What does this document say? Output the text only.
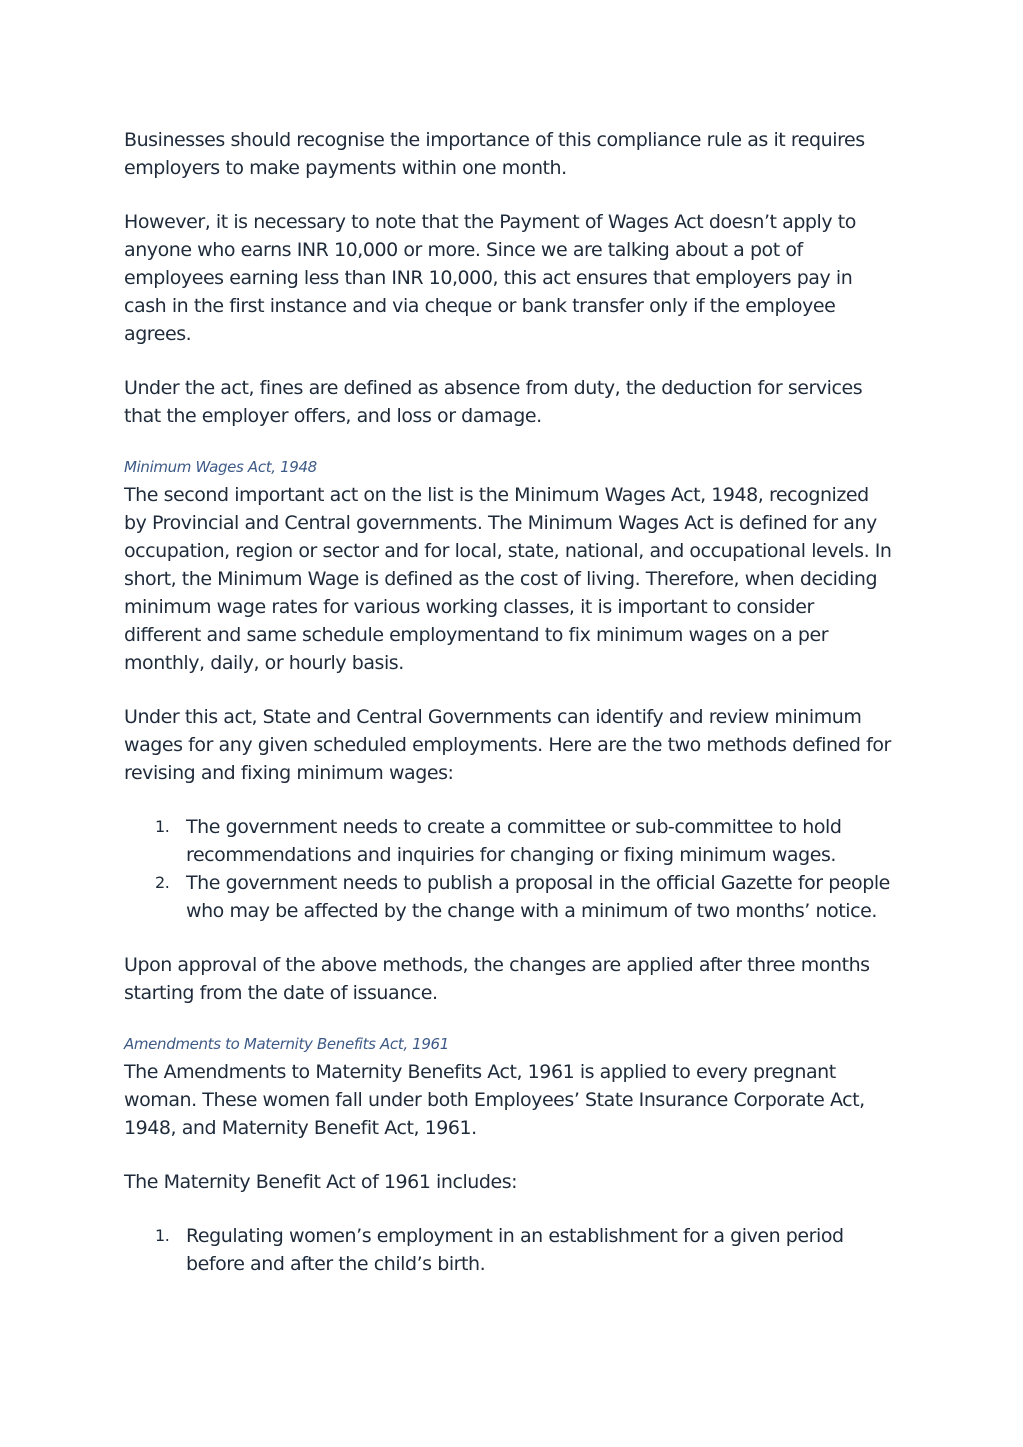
Businesses should recognise the importance of this compliance rule as it requires employers to make payments within one month.

However, it is necessary to note that the Payment of Wages Act doesn’t apply to anyone who earns INR 10,000 or more. Since we are talking about a pot of employees earning less than INR 10,000, this act ensures that employers pay in cash in the first instance and via cheque or bank transfer only if the employee agrees.

Under the act, fines are defined as absence from duty, the deduction for services that the employer offers, and loss or damage.

Minimum Wages Act, 1948

The second important act on the list is the Minimum Wages Act, 1948, recognized by Provincial and Central governments. The Minimum Wages Act is defined for any occupation, region or sector and for local, state, national, and occupational levels. In short, the Minimum Wage is defined as the cost of living. Therefore, when deciding minimum wage rates for various working classes, it is important to consider different and same schedule employmentand to fix minimum wages on a per monthly, daily, or hourly basis.

Under this act, State and Central Governments can identify and review minimum wages for any given scheduled employments. Here are the two methods defined for revising and fixing minimum wages:

1. The government needs to create a committee or sub-committee to hold recommendations and inquiries for changing or fixing minimum wages.
2. The government needs to publish a proposal in the official Gazette for people who may be affected by the change with a minimum of two months’ notice.

Upon approval of the above methods, the changes are applied after three months starting from the date of issuance.

Amendments to Maternity Benefits Act, 1961

The Amendments to Maternity Benefits Act, 1961 is applied to every pregnant woman. These women fall under both Employees’ State Insurance Corporate Act, 1948, and Maternity Benefit Act, 1961.

The Maternity Benefit Act of 1961 includes:

1. Regulating women’s employment in an establishment for a given period before and after the child’s birth.
